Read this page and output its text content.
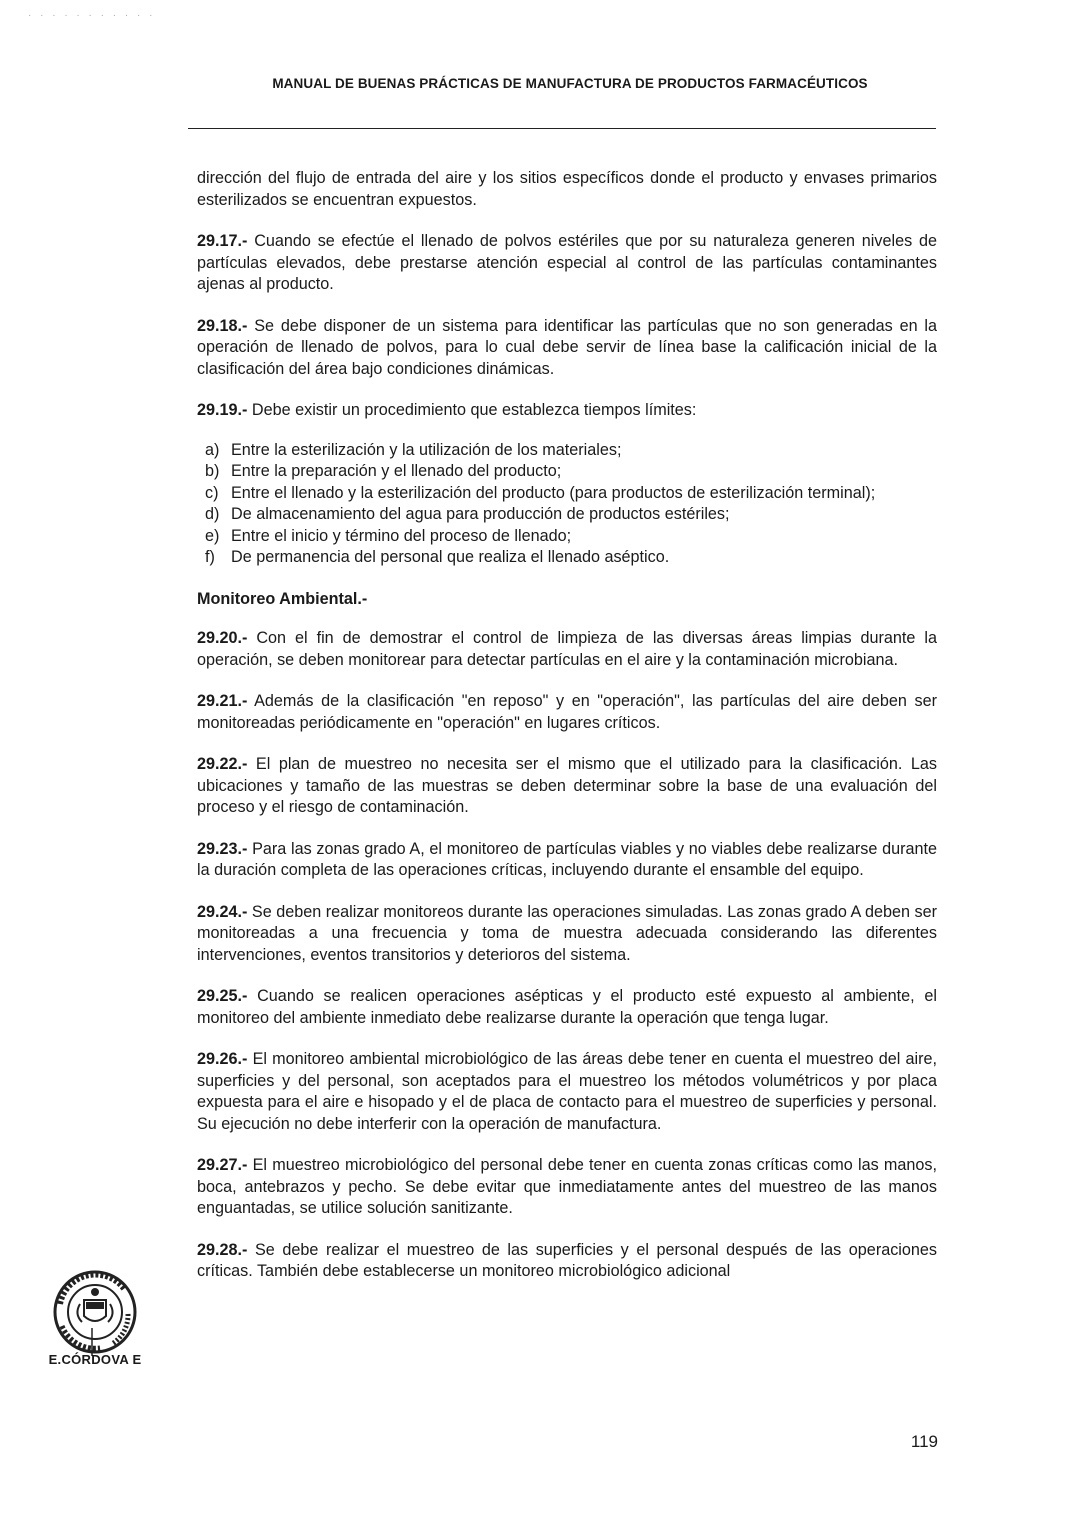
· · · · · · · · · · ·
MANUAL DE BUENAS PRÁCTICAS DE MANUFACTURA DE PRODUCTOS FARMACÉUTICOS

dirección del flujo de entrada del aire y los sitios específicos donde el producto y envases primarios esterilizados se encuentran expuestos.

29.17.- Cuando se efectúe el llenado de polvos estériles que por su naturaleza generen niveles de partículas elevados, debe prestarse atención especial al control de las partículas contaminantes ajenas al producto.

29.18.- Se debe disponer de un sistema para identificar las partículas que no son generadas en la operación de llenado de polvos, para lo cual debe servir de línea base la calificación inicial de la clasificación del área bajo condiciones dinámicas.

29.19.- Debe existir un procedimiento que establezca tiempos límites:

a) Entre la esterilización y la utilización de los materiales;
b) Entre la preparación y el llenado del producto;
c) Entre el llenado y la esterilización del producto (para productos de esterilización terminal);
d) De almacenamiento del agua para producción de productos estériles;
e) Entre el inicio y término del proceso de llenado;
f) De permanencia del personal que realiza el llenado aséptico.
Monitoreo Ambiental.-

29.20.- Con el fin de demostrar el control de limpieza de las diversas áreas limpias durante la operación, se deben monitorear para detectar partículas en el aire y la contaminación microbiana.

29.21.- Además de la clasificación "en reposo" y en "operación", las partículas del aire deben ser monitoreadas periódicamente en "operación" en lugares críticos.

29.22.- El plan de muestreo no necesita ser el mismo que el utilizado para la clasificación. Las ubicaciones y tamaño de las muestras se deben determinar sobre la base de una evaluación del proceso y el riesgo de contaminación.

29.23.- Para las zonas grado A, el monitoreo de partículas viables y no viables debe realizarse durante la duración completa de las operaciones críticas, incluyendo durante el ensamble del equipo.

29.24.- Se deben realizar monitoreos durante las operaciones simuladas. Las zonas grado A deben ser monitoreadas a una frecuencia y toma de muestra adecuada considerando las diferentes intervenciones, eventos transitorios y deterioros del sistema.

29.25.- Cuando se realicen operaciones asépticas y el producto esté expuesto al ambiente, el monitoreo del ambiente inmediato debe realizarse durante la operación que tenga lugar.

29.26.- El monitoreo ambiental microbiológico de las áreas debe tener en cuenta el muestreo del aire, superficies y del personal, son aceptados para el muestreo los métodos volumétricos y por placa expuesta para el aire e hisopado y el de placa de contacto para el muestreo de superficies y personal. Su ejecución no debe interferir con la operación de manufactura.

29.27.- El muestreo microbiológico del personal debe tener en cuenta zonas críticas como las manos, boca, antebrazos y pecho. Se debe evitar que inmediatamente antes del muestreo de las manos enguantadas, se utilice solución sanitizante.

29.28.- Se debe realizar el muestreo de las superficies y el personal después de las operaciones críticas. También debe establecerse un monitoreo microbiológico adicional

E.CÓRDOVA E
119
